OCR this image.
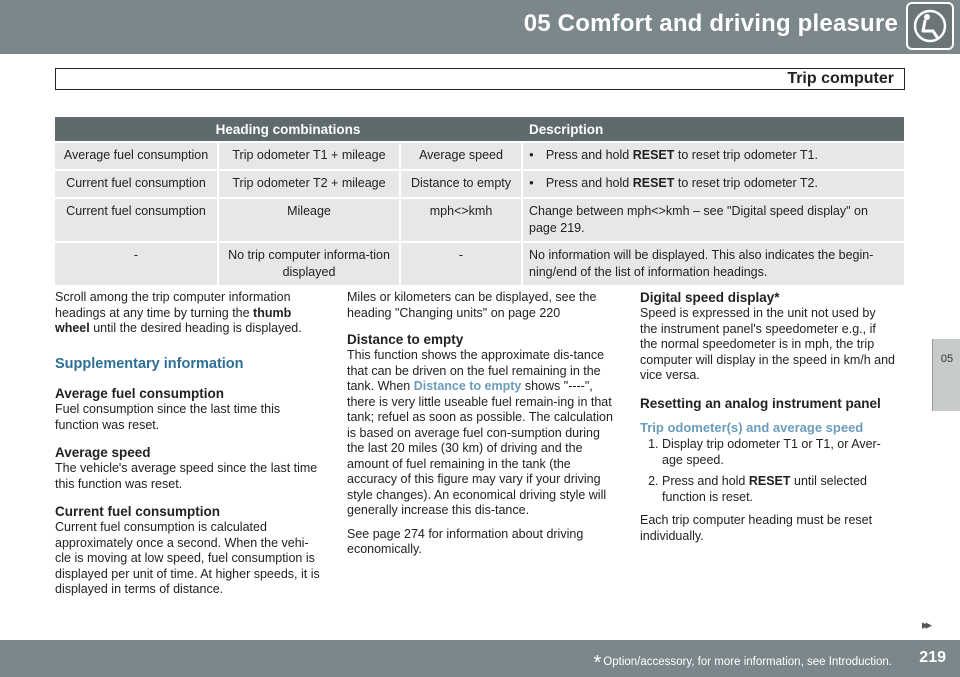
05 Comfort and driving pleasure
Trip computer
Heading combinations			Description
Average fuel consumption	Trip odometer T1 + mileage	Average speed	●Press and hold RESET to reset trip odometer T1.
Current fuel consumption	Trip odometer T2 + mileage	Distance to empty	●Press and hold RESET to reset trip odometer T2.
Current fuel consumption	Mileage	mph<>kmh	Change between mph<>kmh – see "Digital speed display" on page 219.
-	No trip computer informa-tion displayed	-	No information will be displayed. This also indicates the begin-ning/end of the list of information headings.

Scroll among the trip computer information headings at any time by turning the thumb wheel until the desired heading is displayed.

Supplementary information
Average fuel consumption

Fuel consumption since the last time this function was reset.

Average speed

The vehicle's average speed since the last time this function was reset.

Current fuel consumption

Current fuel consumption is calculated approximately once a second. When the vehi-cle is moving at low speed, fuel consumption is displayed per unit of time. At higher speeds, it is displayed in terms of distance.

Miles or kilometers can be displayed, see the heading "Changing units" on page 220

Distance to empty

This function shows the approximate dis-tance that can be driven on the fuel remaining in the tank. When Distance to empty shows "----", there is very little useable fuel remain-ing in that tank; refuel as soon as possible. The calculation is based on average fuel con-sumption during the last 20 miles (30 km) of driving and the amount of fuel remaining in the tank (the accuracy of this figure may vary if your driving style changes). An economical driving style will generally increase this dis-tance.

See page 274 for information about driving economically.

Digital speed display*

Speed is expressed in the unit not used by the instrument panel's speedometer e.g., if the normal speedometer is in mph, the trip computer will display in the speed in km/h and vice versa.

Resetting an analog instrument panel
Trip odometer(s) and average speed
1. Display trip odometer T1 or T1, or Aver-age speed.
2. Press and hold RESET until selected function is reset.

Each trip computer heading must be reset individually.

05
▸▸
* Option/accessory, for more information, see Introduction. 219
